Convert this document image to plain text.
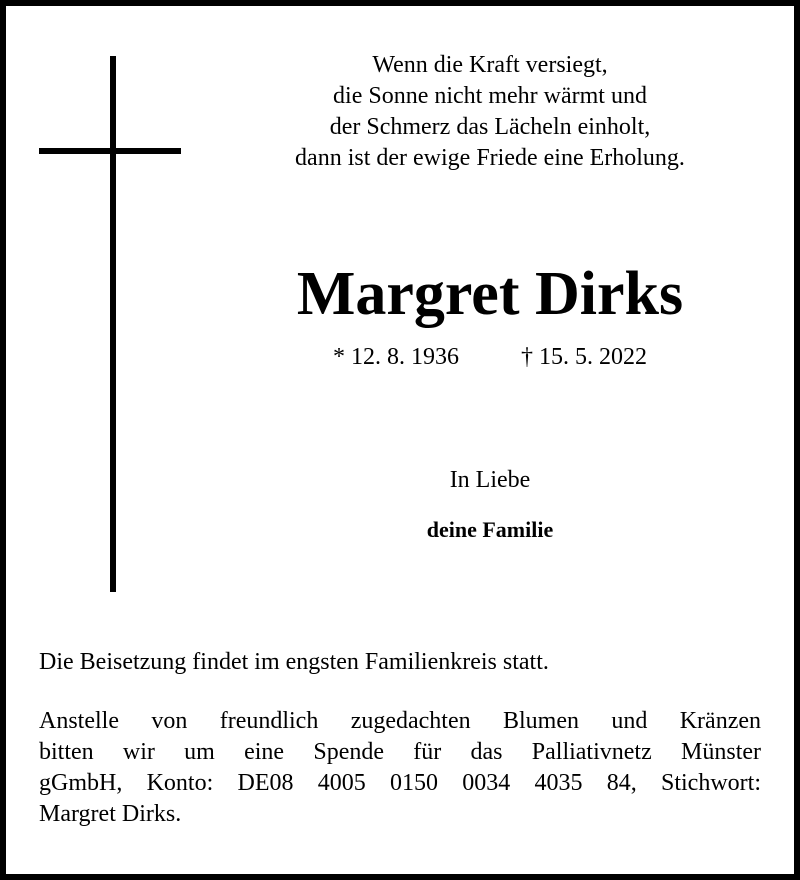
Wenn die Kraft versiegt,
die Sonne nicht mehr wärmt und
der Schmerz das Lächeln einholt,
dann ist der ewige Friede eine Erholung.
Margret Dirks
* 12. 8. 1936	† 15. 5. 2022
In Liebe
deine Familie
Die Beisetzung findet im engsten Familienkreis statt.
Anstelle von freundlich zugedachten Blumen und Kränzen
bitten wir um eine Spende für das Palliativnetz Münster
gGmbH, Konto: DE08 4005 0150 0034 4035 84, Stichwort:
Margret Dirks.
